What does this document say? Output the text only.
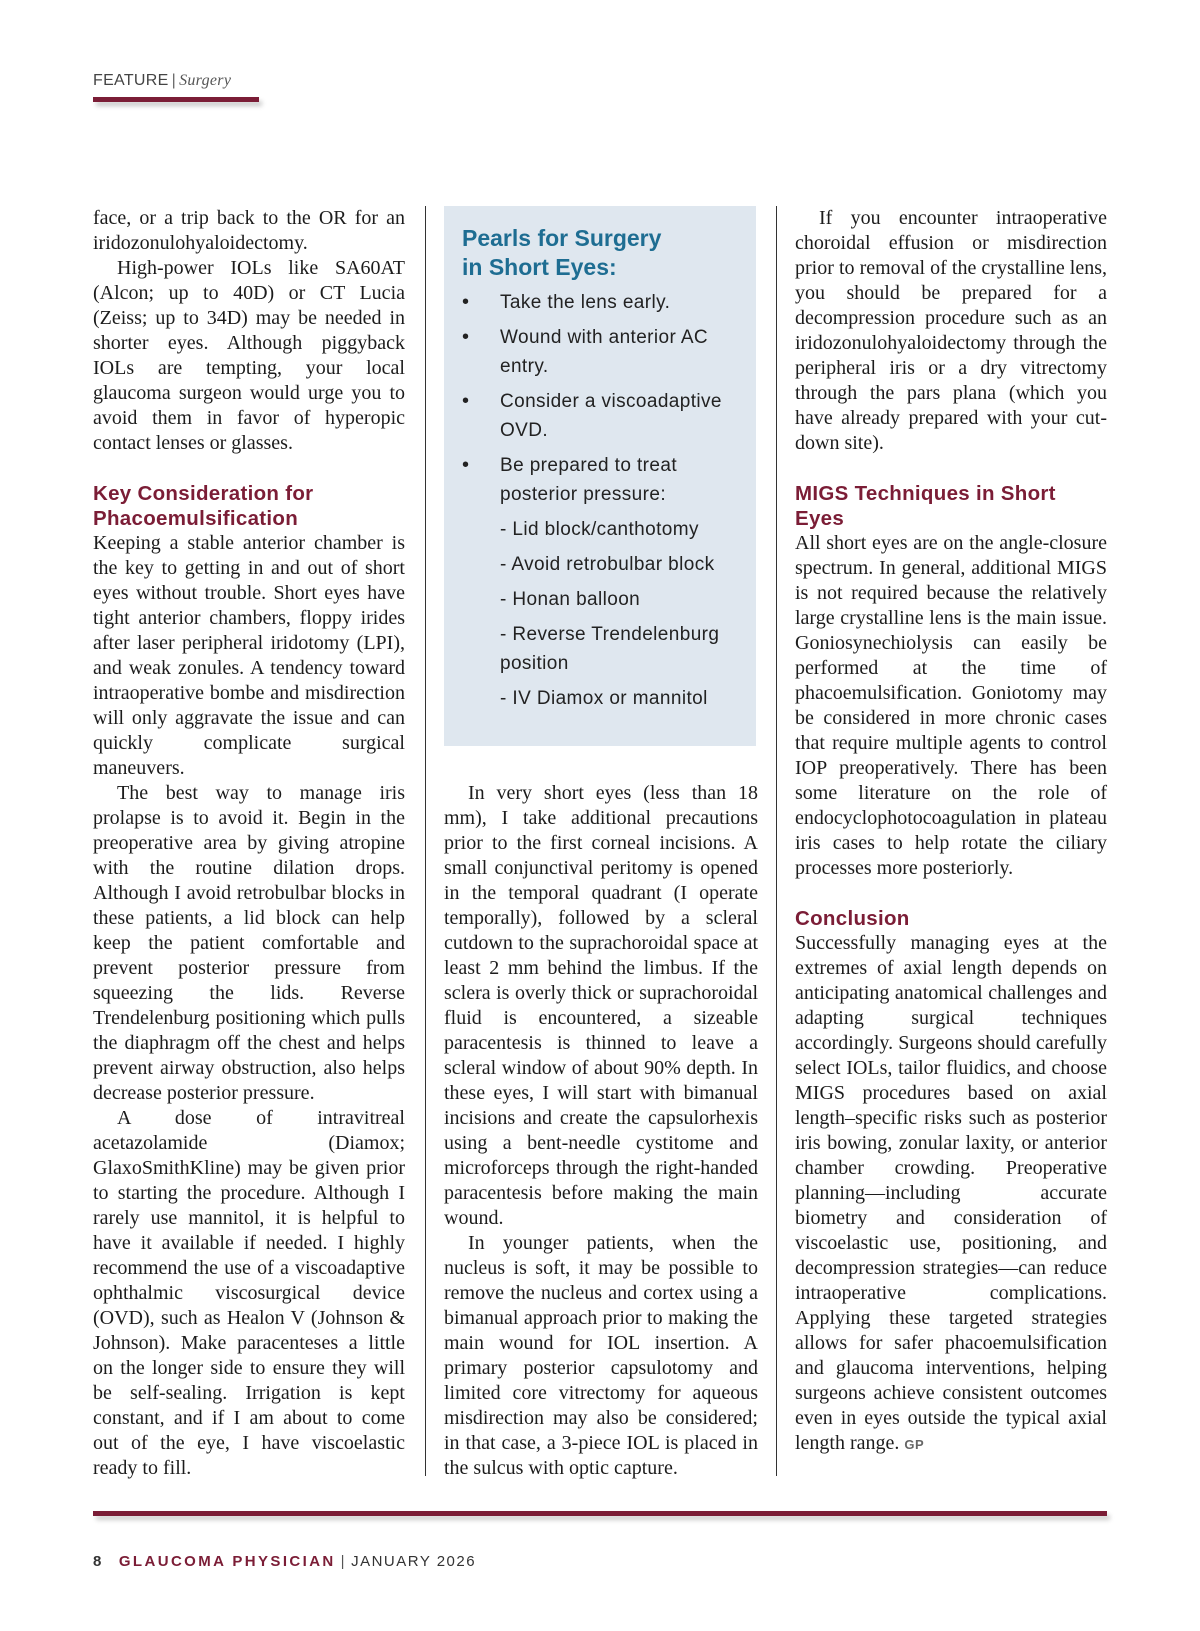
FEATURE | Surgery

face, or a trip back to the OR for an iridozonulohyaloidectomy.

High-power IOLs like SA60AT (Alcon; up to 40D) or CT Lucia (Zeiss; up to 34D) may be needed in shorter eyes. Although piggyback IOLs are tempting, your local glaucoma surgeon would urge you to avoid them in favor of hyperopic contact lenses or glasses.

Key Consideration for Phacoemulsification

Keeping a stable anterior chamber is the key to getting in and out of short eyes without trouble. Short eyes have tight anterior chambers, floppy irides after laser peripheral iridotomy (LPI), and weak zonules. A tendency toward intraoperative bombe and misdirection will only aggravate the issue and can quickly complicate surgical maneuvers.

The best way to manage iris prolapse is to avoid it. Begin in the preoperative area by giving atropine with the routine dilation drops. Although I avoid retrobulbar blocks in these patients, a lid block can help keep the patient comfortable and prevent posterior pressure from squeezing the lids. Reverse Trendelenburg positioning which pulls the diaphragm off the chest and helps prevent airway obstruction, also helps decrease posterior pressure.

A dose of intravitreal acetazolamide (Diamox; GlaxoSmithKline) may be given prior to starting the procedure. Although I rarely use mannitol, it is helpful to have it available if needed. I highly recommend the use of a viscoadaptive ophthalmic viscosurgical device (OVD), such as Healon V (Johnson & Johnson). Make paracenteses a little on the longer side to ensure they will be self-sealing. Irrigation is kept constant, and if I am about to come out of the eye, I have viscoelastic ready to fill.

Pearls for Surgery
in Short Eyes:
• Take the lens early.
• Wound with anterior AC entry.
• Consider a viscoadaptive OVD.
• Be prepared to treat posterior pressure:
- Lid block/canthotomy
- Avoid retrobulbar block
- Honan balloon
- Reverse Trendelenburg position
- IV Diamox or mannitol

In very short eyes (less than 18 mm), I take additional precautions prior to the first corneal incisions. A small conjunctival peritomy is opened in the temporal quadrant (I operate temporally), followed by a scleral cutdown to the suprachoroidal space at least 2 mm behind the limbus. If the sclera is overly thick or suprachoroidal fluid is encountered, a sizeable paracentesis is thinned to leave a scleral window of about 90% depth. In these eyes, I will start with bimanual incisions and create the capsulorhexis using a bent-needle cystitome and microforceps through the right-handed paracentesis before making the main wound.

In younger patients, when the nucleus is soft, it may be possible to remove the nucleus and cortex using a bimanual approach prior to making the main wound for IOL insertion. A primary posterior capsulotomy and limited core vitrectomy for aqueous misdirection may also be considered; in that case, a 3-piece IOL is placed in the sulcus with optic capture.

If you encounter intraoperative choroidal effusion or misdirection prior to removal of the crystalline lens, you should be prepared for a decompression procedure such as an iridozonulohyaloidectomy through the peripheral iris or a dry vitrectomy through the pars plana (which you have already prepared with your cut-down site).

MIGS Techniques in Short Eyes

All short eyes are on the angle-closure spectrum. In general, additional MIGS is not required because the relatively large crystalline lens is the main issue. Goniosynechiolysis can easily be performed at the time of phacoemulsification. Goniotomy may be considered in more chronic cases that require multiple agents to control IOP preoperatively. There has been some literature on the role of endocyclophotocoagulation in plateau iris cases to help rotate the ciliary processes more posteriorly.

Conclusion

Successfully managing eyes at the extremes of axial length depends on anticipating anatomical challenges and adapting surgical techniques accordingly. Surgeons should carefully select IOLs, tailor fluidics, and choose MIGS procedures based on axial length–specific risks such as posterior iris bowing, zonular laxity, or anterior chamber crowding. Preoperative planning—including accurate biometry and consideration of viscoelastic use, positioning, and decompression strategies—can reduce intraoperative complications. Applying these targeted strategies allows for safer phacoemulsification and glaucoma interventions, helping surgeons achieve consistent outcomes even in eyes outside the typical axial length range. GP

8 GLAUCOMA PHYSICIAN | JANUARY 2026
